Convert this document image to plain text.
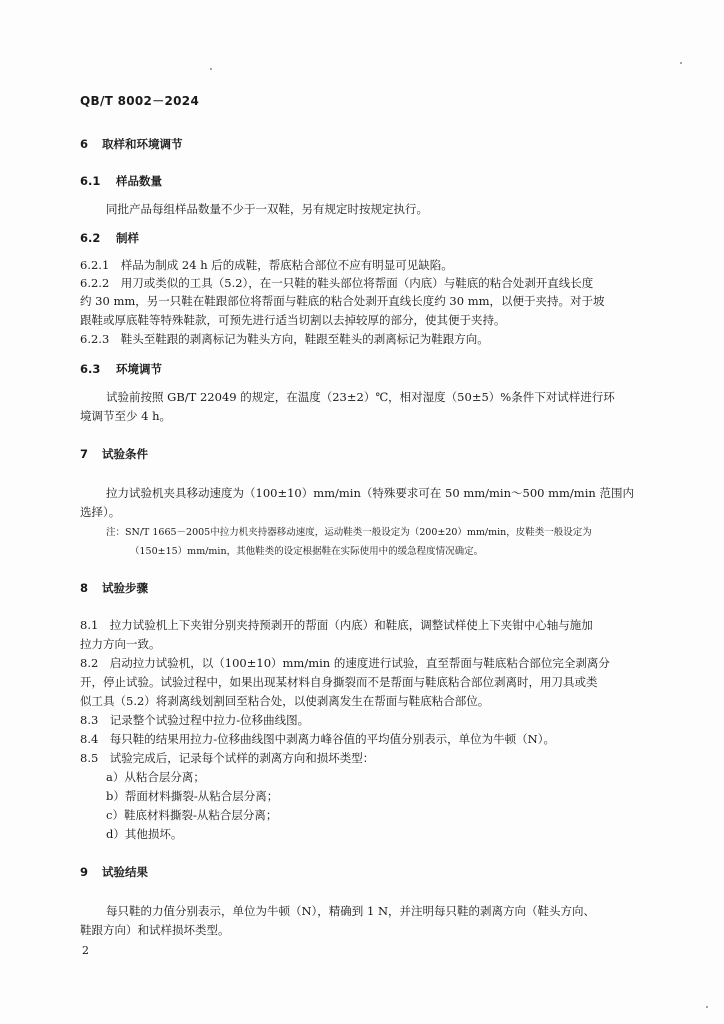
QB/T 8002－2024
6 取样和环境调节
6.1 样品数量
同批产品每组样品数量不少于一双鞋，另有规定时按规定执行。
6.2 制样
6.2.1　样品为制成 24 h 后的成鞋，帮底粘合部位不应有明显可见缺陷。
6.2.2　用刀或类似的工具（5.2），在一只鞋的鞋头部位将帮面（内底）与鞋底的粘合处剥开直线长度
约 30 mm，另一只鞋在鞋跟部位将帮面与鞋底的粘合处剥开直线长度约 30 mm，以便于夹持。对于坡
跟鞋或厚底鞋等特殊鞋款，可预先进行适当切割以去掉较厚的部分，使其便于夹持。
6.2.3　鞋头至鞋跟的剥离标记为鞋头方向，鞋跟至鞋头的剥离标记为鞋跟方向。
6.3 环境调节
试验前按照 GB/T 22049 的规定，在温度（23±2）℃，相对湿度（50±5）%条件下对试样进行环
境调节至少 4 h。
7 试验条件
拉力试验机夹具移动速度为（100±10）mm/min（特殊要求可在 50 mm/min～500 mm/min 范围内
选择）。
注：SN/T 1665－2005中拉力机夹持器移动速度，运动鞋类一般设定为（200±20）mm/min，皮鞋类一般设定为
（150±15）mm/min，其他鞋类的设定根据鞋在实际使用中的缓急程度情况确定。
8 试验步骤
8.1　拉力试验机上下夹钳分别夹持预剥开的帮面（内底）和鞋底，调整试样使上下夹钳中心轴与施加
拉力方向一致。
8.2　启动拉力试验机，以（100±10）mm/min 的速度进行试验，直至帮面与鞋底粘合部位完全剥离分
开，停止试验。试验过程中，如果出现某材料自身撕裂而不是帮面与鞋底粘合部位剥离时，用刀具或类
似工具（5.2）将剥离线划割回至粘合处，以使剥离发生在帮面与鞋底粘合部位。
8.3　记录整个试验过程中拉力-位移曲线图。
8.4　每只鞋的结果用拉力-位移曲线图中剥离力峰谷值的平均值分别表示，单位为牛顿（N）。
8.5　试验完成后，记录每个试样的剥离方向和损坏类型：
a）从粘合层分离；
b）帮面材料撕裂-从粘合层分离；
c）鞋底材料撕裂-从粘合层分离；
d）其他损坏。
9 试验结果
每只鞋的力值分别表示，单位为牛顿（N），精确到 1 N，并注明每只鞋的剥离方向（鞋头方向、
鞋跟方向）和试样损坏类型。
2
